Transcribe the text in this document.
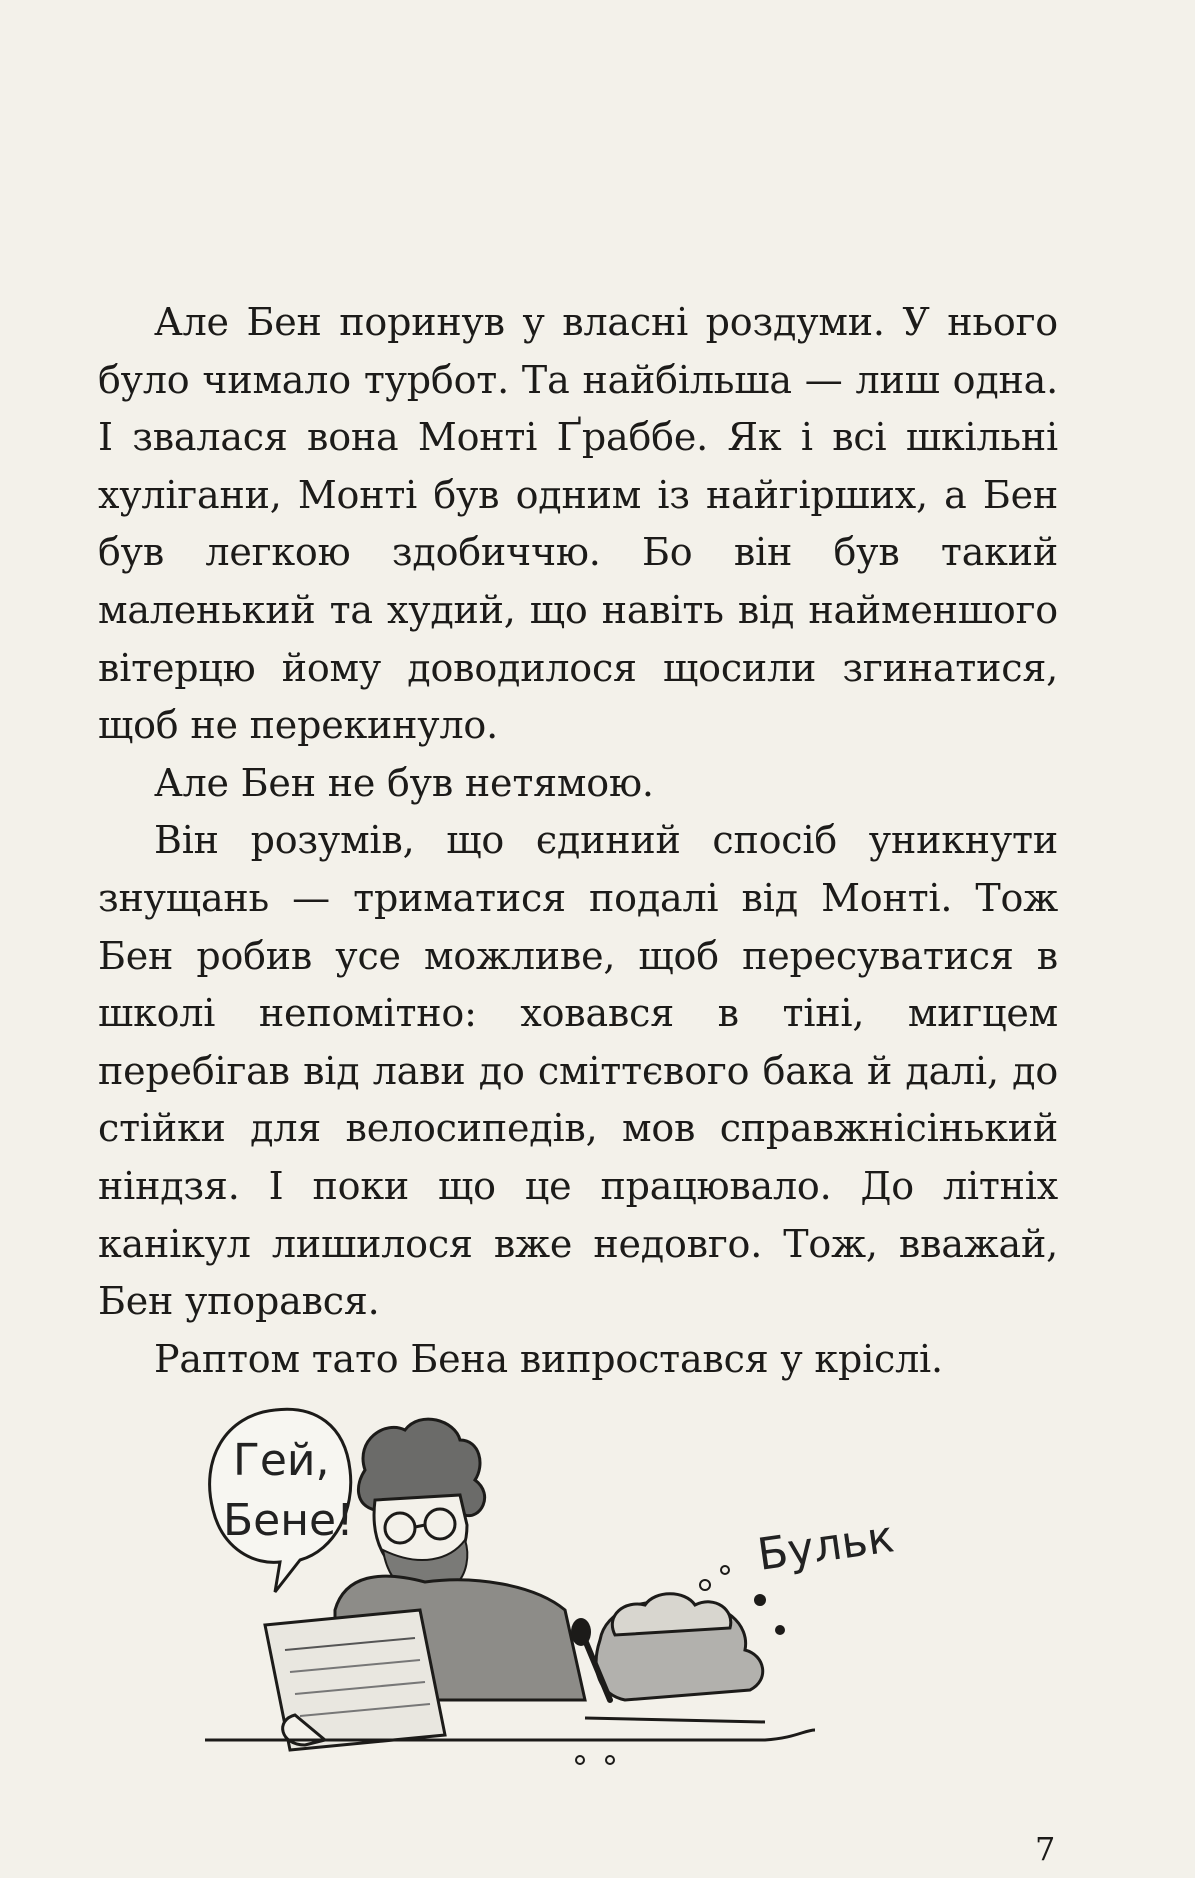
Але Бен поринув у власні роздуми. У нього було чимало турбот. Та найбільша — лиш одна. І звалася вона Монті Ґраббе. Як і всі шкільні хулігани, Монті був одним із найгірших, а Бен був легкою здобиччю. Бо він був такий маленький та худий, що навіть від найменшого вітерцю йому доводилося щосили згинатися, щоб не перекинуло.

Але Бен не був нетямою.

Він розумів, що єдиний спосіб уникнути знущань — триматися подалі від Монті. Тож Бен робив усе можливе, щоб пересуватися в школі непомітно: ховався в тіні, мигцем перебігав від лави до сміттєвого бака й далі, до стійки для велосипедів, мов справжнісінький ніндзя. І поки що це працювало. До літніх канікул лишилося вже недовго. Тож, вважай, Бен упорався.

Раптом тато Бена випростався у кріслі.

Гей,
Бене!	Бульк
7
